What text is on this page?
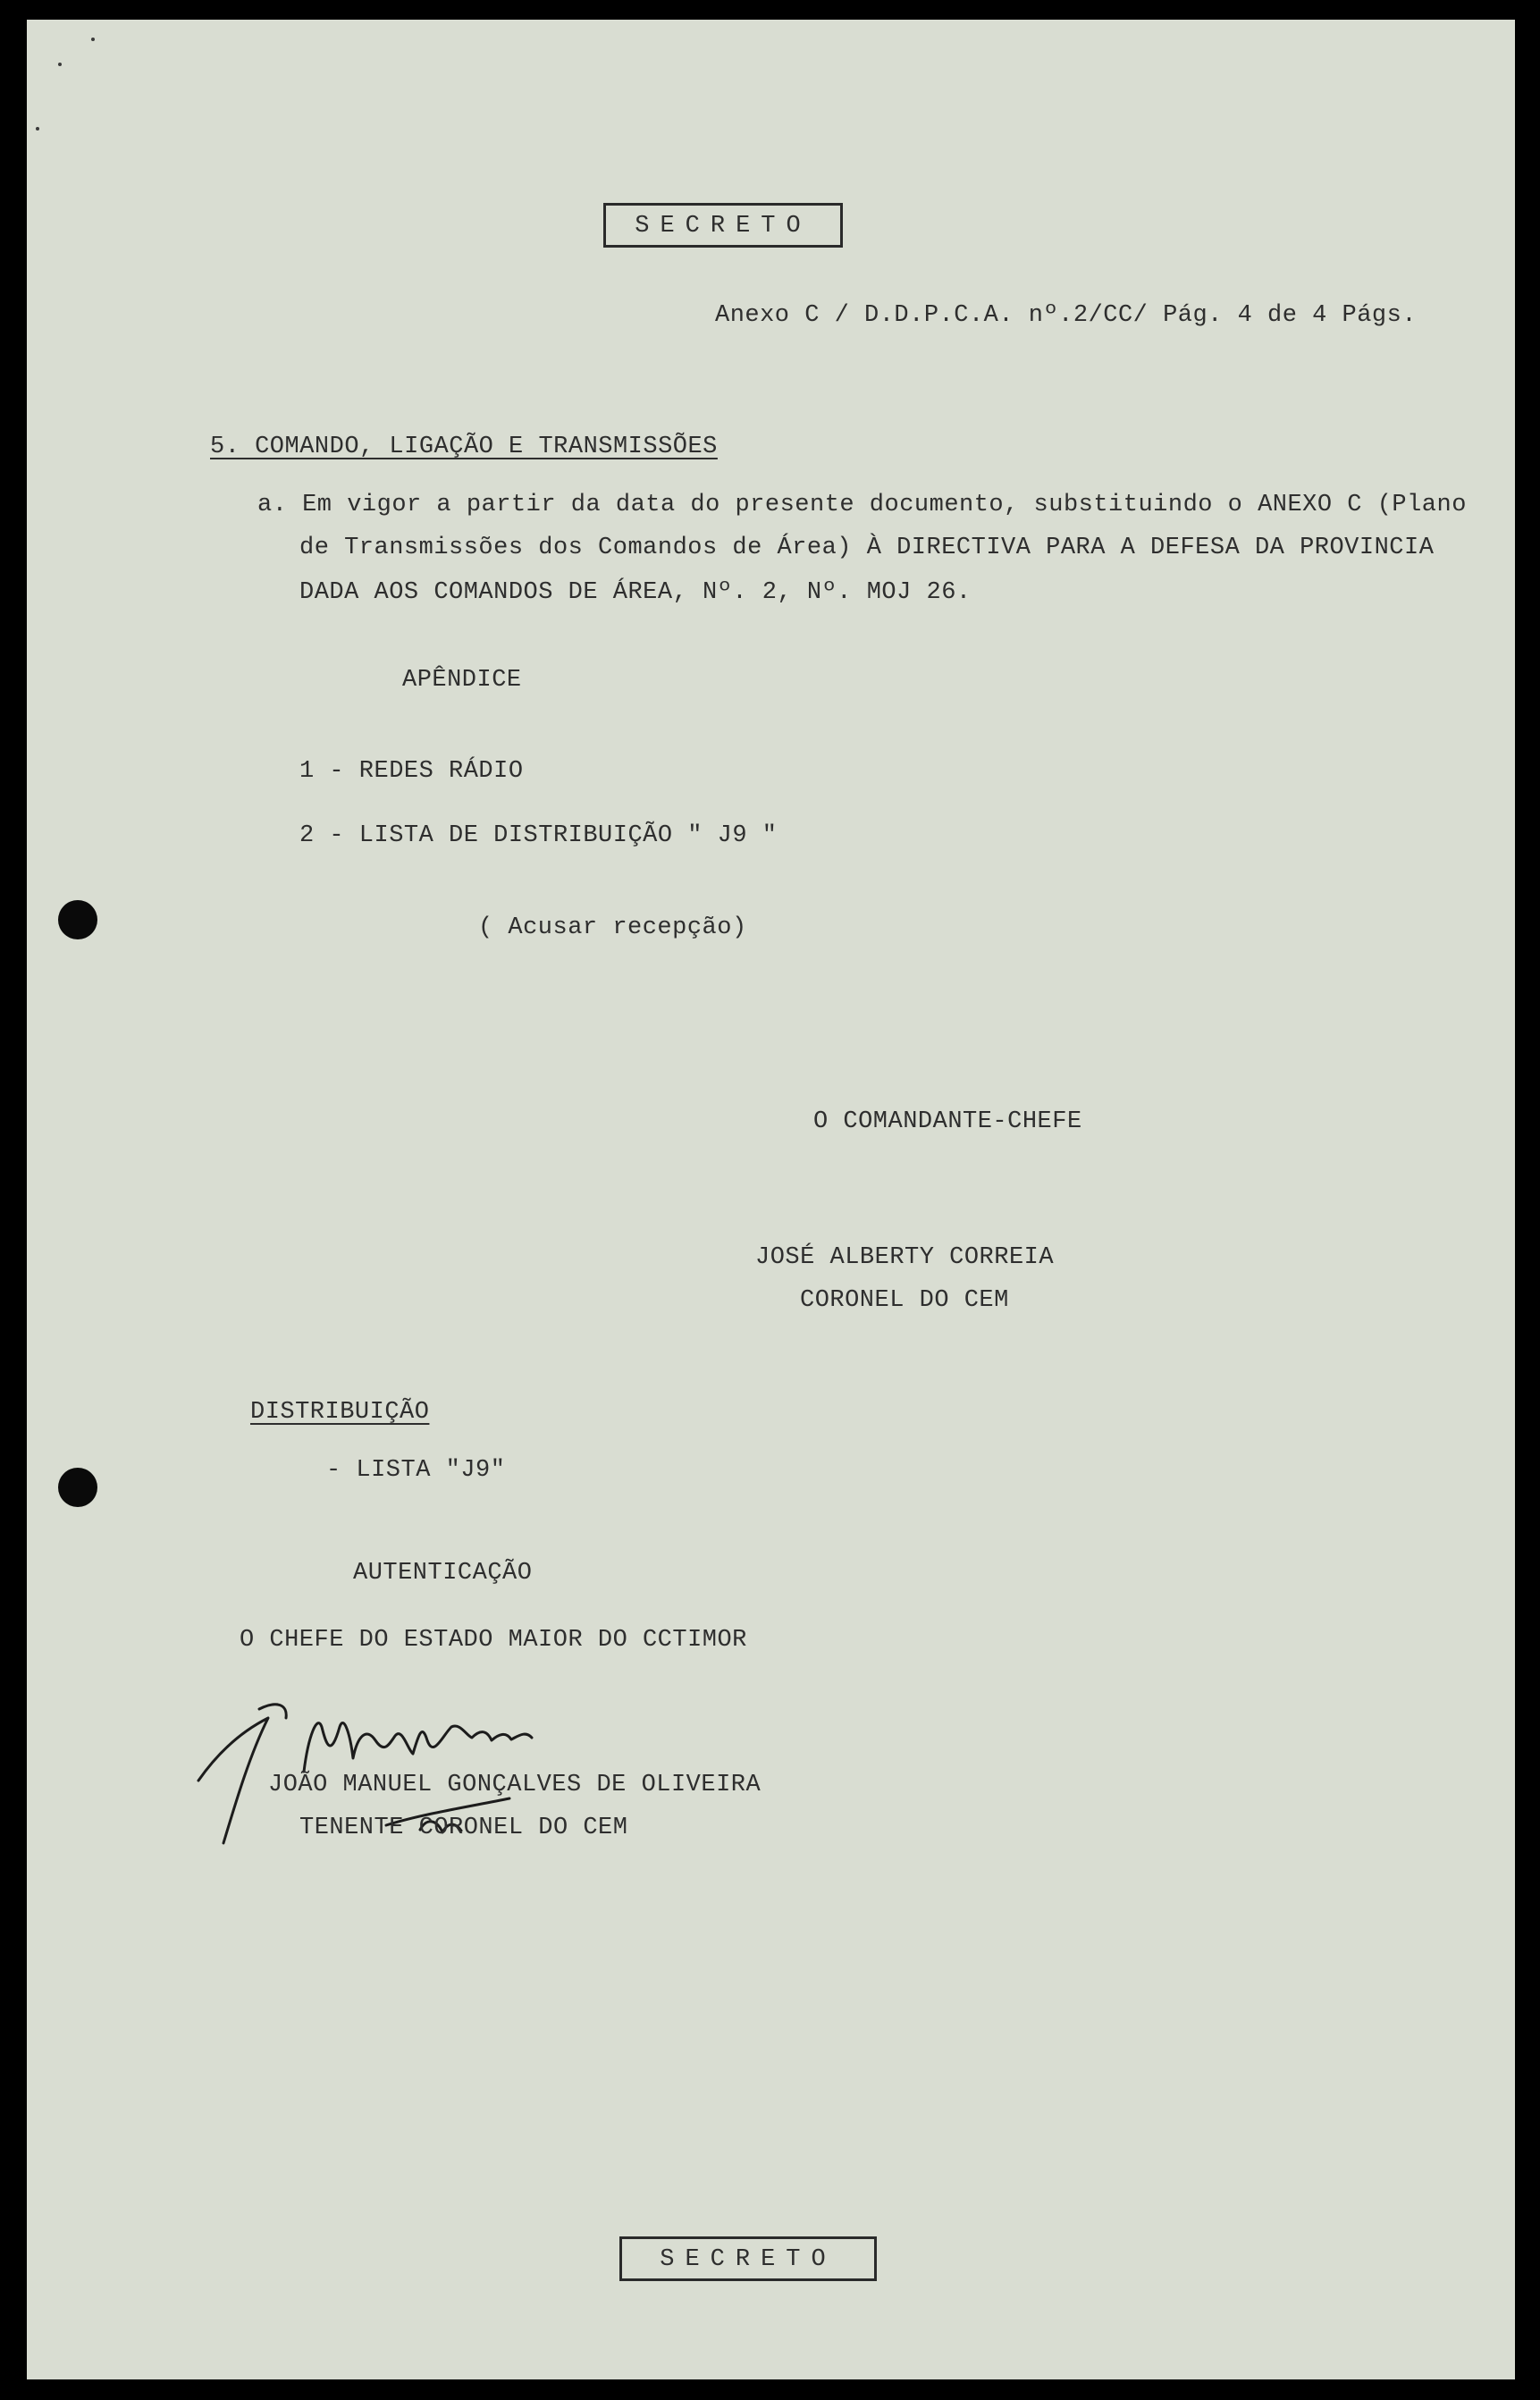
SECRETO
Anexo C / D.D.P.C.A. nº.2/CC/ Pág. 4 de 4 Págs.
5. COMANDO, LIGAÇÃO E TRANSMISSÕES
a. Em vigor a partir da data do presente documento, substituindo o ANEXO C (Plano
de Transmissões dos Comandos de Área) À DIRECTIVA PARA A DEFESA DA PROVINCIA
DADA AOS COMANDOS DE ÁREA, Nº. 2, Nº. MOJ 26.
APÊNDICE
1 - REDES RÁDIO
2 - LISTA DE DISTRIBUIÇÃO " J9 "
( Acusar recepção)
O COMANDANTE-CHEFE
JOSÉ ALBERTY CORREIA
CORONEL DO CEM
DISTRIBUIÇÃO
- LISTA "J9"
AUTENTICAÇÃO
O CHEFE DO ESTADO MAIOR DO CCTIMOR
JOÃO MANUEL GONÇALVES DE OLIVEIRA
TENENTE CORONEL DO CEM
SECRETO
